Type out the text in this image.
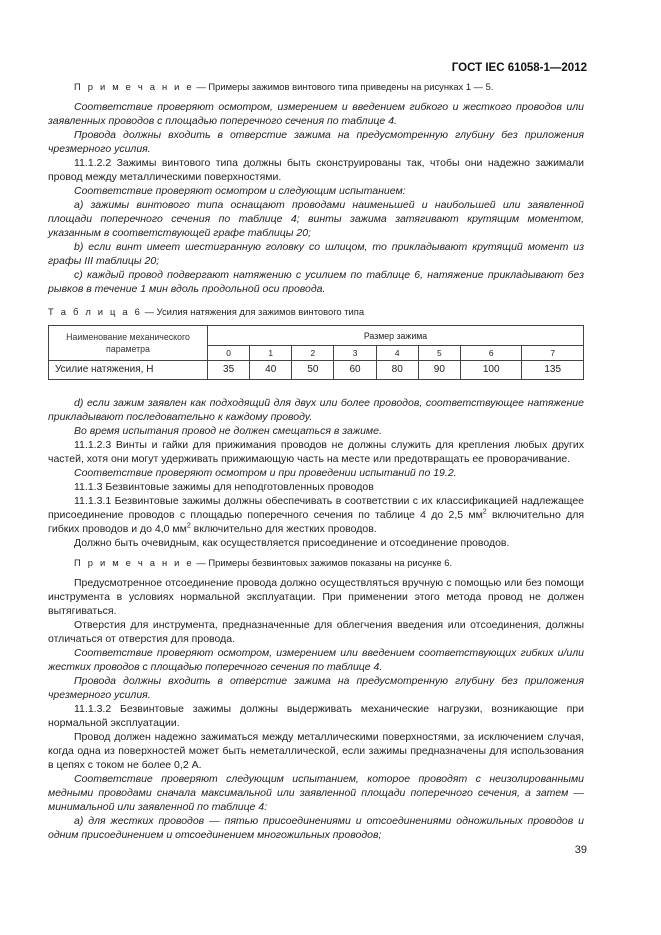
ГОСТ IEC 61058-1—2012

П р и м е ч а н и е — Примеры зажимов винтового типа приведены на рисунках 1 — 5.

Соответствие проверяют осмотром, измерением и введением гибкого и жесткого проводов или заявленных проводов с площадью поперечного сечения по таблице 4.

Провода должны входить в отверстие зажима на предусмотренную глубину без приложения чрезмерного усилия.

11.1.2.2 Зажимы винтового типа должны быть сконструированы так, чтобы они надежно зажимали провод между металлическими поверхностями.

Соответствие проверяют осмотром и следующим испытанием:

a) зажимы винтового типа оснащают проводами наименьшей и наибольшей или заявленной площади поперечного сечения по таблице 4; винты зажима затягивают крутящим моментом, указанным в соответствующей графе таблицы 20;

b) если винт имеет шестигранную головку со шлицом, то прикладывают крутящий момент из графы III таблицы 20;

c) каждый провод подвергают натяжению с усилием по таблице 6, натяжение прикладывают без рывков в течение 1 мин вдоль продольной оси провода.

Т а б л и ц а 6 — Усилия натяжения для зажимов винтового типа
Наименование механического параметра	Размер зажима							
	0	1	2	3	4	5	6	7
Усилие натяжения, Н	35	40	50	60	80	90	100	135

d) если зажим заявлен как подходящий для двух или более проводов, соответствующее натяжение прикладывают последовательно к каждому проводу.

Во время испытания провод не должен смещаться в зажиме.

11.1.2.3 Винты и гайки для прижимания проводов не должны служить для крепления любых других частей, хотя они могут удерживать прижимающую часть на месте или предотвращать ее проворачивание.

Соответствие проверяют осмотром и при проведении испытаний по 19.2.

11.1.3 Безвинтовые зажимы для неподготовленных проводов

11.1.3.1 Безвинтовые зажимы должны обеспечивать в соответствии с их классификацией надлежащее присоединение проводов с площадью поперечного сечения по таблице 4 до 2,5 $мм^2$ включительно для гибких проводов и до 4,0 $мм^2$ включительно для жестких проводов.

Должно быть очевидным, как осуществляется присоединение и отсоединение проводов.

П р и м е ч а н и е — Примеры безвинтовых зажимов показаны на рисунке 6.

Предусмотренное отсоединение провода должно осуществляться вручную с помощью или без помощи инструмента в условиях нормальной эксплуатации. При применении этого метода провод не должен вытягиваться.

Отверстия для инструмента, предназначенные для облегчения введения или отсоединения, должны отличаться от отверстия для провода.

Соответствие проверяют осмотром, измерением или введением соответствующих гибких и/или жестких проводов с площадью поперечного сечения по таблице 4.

Провода должны входить в отверстие зажима на предусмотренную глубину без приложения чрезмерного усилия.

11.1.3.2 Безвинтовые зажимы должны выдерживать механические нагрузки, возникающие при нормальной эксплуатации.

Провод должен надежно зажиматься между металлическими поверхностями, за исключением случая, когда одна из поверхностей может быть неметаллической, если зажимы предназначены для использования в цепях с током не более 0,2 А.

Соответствие проверяют следующим испытанием, которое проводят с неизолированными медными проводами сначала максимальной или заявленной площади поперечного сечения, а затем — минимальной или заявленной по таблице 4:

a) для жестких проводов — пятью присоединениями и отсоединениями одножильных проводов и одним присоединением и отсоединением многожильных проводов;

39
